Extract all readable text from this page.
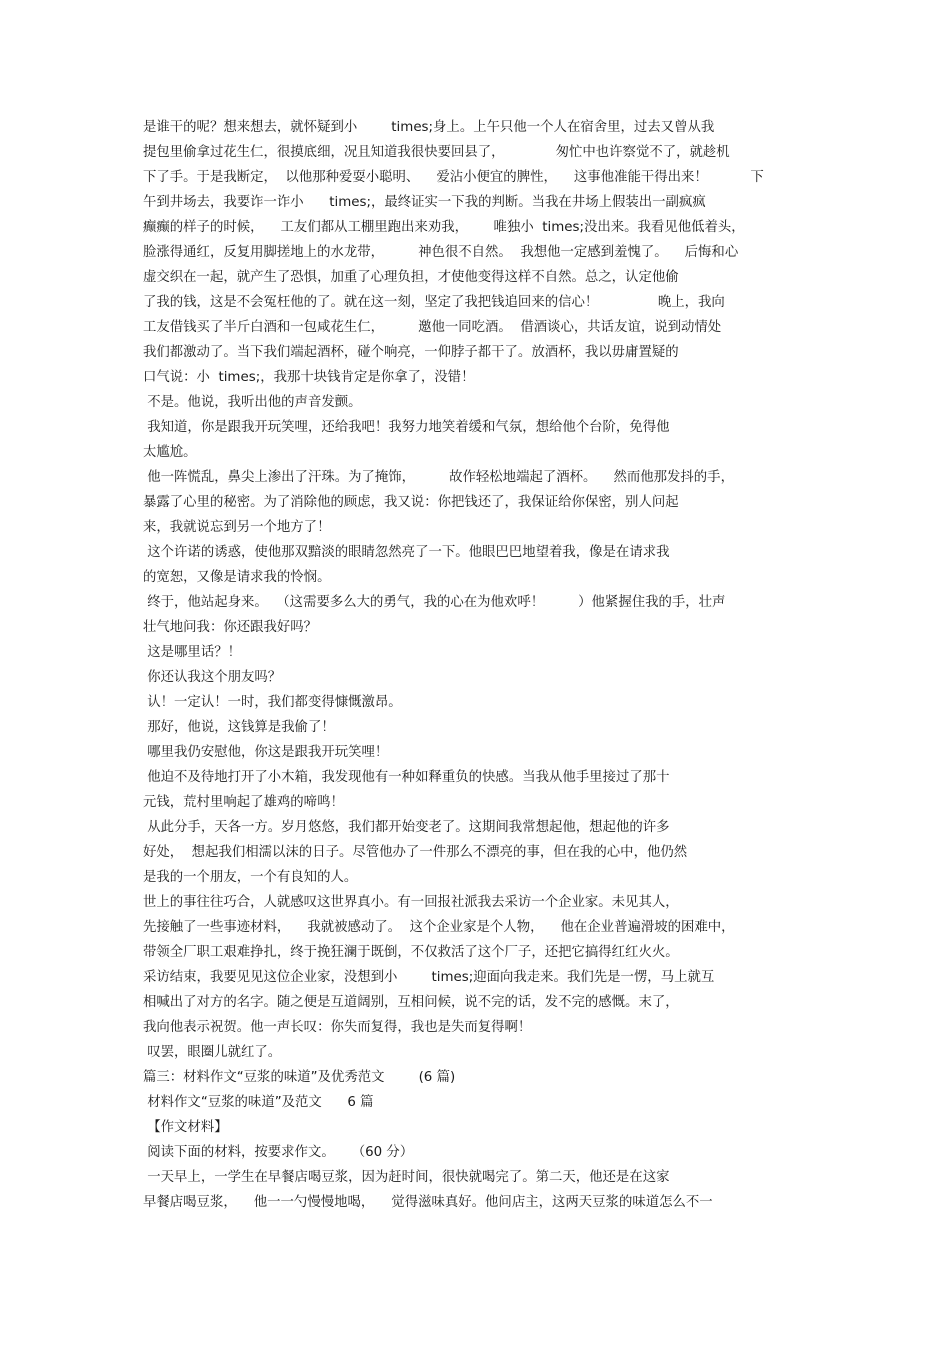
是谁干的呢？想来想去，就怀疑到小        times;身上。上午只他一个人在宿舍里，过去又曾从我
提包里偷拿过花生仁，很摸底细，况且知道我很快要回县了，            匆忙中也许察觉不了，就趁机
下了手。于是我断定，  以他那种爱耍小聪明、    爱沾小便宜的脾性，    这事他准能干得出来！          下
午到井场去，我要诈一诈小      times;，最终证实一下我的判断。当我在井场上假装出一副疯疯
癫癫的样子的时候，    工友们都从工棚里跑出来劝我，      唯独小  times;没出来。我看见他低着头，
脸涨得通红，反复用脚搓地上的水龙带，        神色很不自然。  我想他一定感到羞愧了。    后悔和心
虚交织在一起，就产生了恐惧，加重了心理负担，才使他变得这样不自然。总之，认定他偷
了我的钱，这是不会冤枉他的了。就在这一刻，坚定了我把钱追回来的信心！              晚上，我向
工友借钱买了半斤白酒和一包咸花生仁，        邀他一同吃酒。  借酒谈心，共话友谊，说到动情处
我们都激动了。当下我们端起酒杯，碰个响亮，一仰脖子都干了。放酒杯，我以毋庸置疑的
口气说：小  times;，我那十块钱肯定是你拿了，没错！
不是。他说，我听出他的声音发颤。
我知道，你是跟我开玩笑哩，还给我吧！我努力地笑着缓和气氛，想给他个台阶，免得他
太尴尬。
他一阵慌乱，鼻尖上渗出了汗珠。为了掩饰，        故作轻松地端起了酒杯。    然而他那发抖的手，
暴露了心里的秘密。为了消除他的顾虑，我又说：你把钱还了，我保证给你保密，别人问起
来，我就说忘到另一个地方了！
这个许诺的诱惑，使他那双黯淡的眼睛忽然亮了一下。他眼巴巴地望着我，像是在请求我
的宽恕，又像是请求我的怜悯。
终于，他站起身来。  （这需要多么大的勇气，我的心在为他欢呼！        ）他紧握住我的手，壮声
壮气地问我：你还跟我好吗？
这是哪里话？！
你还认我这个朋友吗？
认！一定认！一时，我们都变得慷慨激昂。
那好，他说，这钱算是我偷了！
哪里我仍安慰他，你这是跟我开玩笑哩！
他迫不及待地打开了小木箱，我发现他有一种如释重负的快感。当我从他手里接过了那十
元钱，荒村里响起了雄鸡的啼鸣！
从此分手，天各一方。岁月悠悠，我们都开始变老了。这期间我常想起他，想起他的许多
好处，  想起我们相濡以沫的日子。尽管他办了一件那么不漂亮的事，但在我的心中，他仍然
是我的一个朋友，一个有良知的人。
世上的事往往巧合，人就感叹这世界真小。有一回报社派我去采访一个企业家。未见其人，
先接触了一些事迹材料，    我就被感动了。  这个企业家是个人物，    他在企业普遍滑坡的困难中，
带领全厂职工艰难挣扎，终于挽狂澜于既倒，不仅救活了这个厂子，还把它搞得红红火火。
采访结束，我要见见这位企业家，没想到小        times;迎面向我走来。我们先是一愣，马上就互
相喊出了对方的名字。随之便是互道阔别，互相问候，说不完的话，发不完的感慨。末了，
我向他表示祝贺。他一声长叹：你失而复得，我也是失而复得啊！
叹罢，眼圈儿就红了。
篇三：材料作文“豆浆的味道”及优秀范文        (6 篇)
材料作文“豆浆的味道”及范文      6 篇
【作文材料】
阅读下面的材料，按要求作文。    （60 分）
一天早上，一学生在早餐店喝豆浆，因为赶时间，很快就喝完了。第二天，他还是在这家
早餐店喝豆浆，    他一一勺慢慢地喝，    觉得滋味真好。他问店主，这两天豆浆的味道怎么不一
